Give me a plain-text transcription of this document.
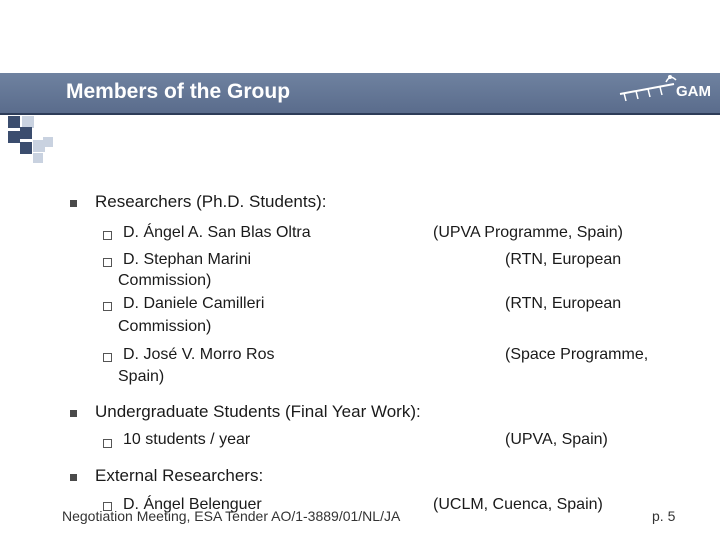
Members of the Group	GAM
Researchers (Ph.D. Students):
D. Ángel A. San Blas Oltra	(UPVA Programme, Spain)
D. Stephan Marini	(RTN, European
Commission)
D. Daniele Camilleri	(RTN, European
Commission)
D. José V. Morro Ros	(Space Programme,
Spain)
Undergraduate Students (Final Year Work):
10 students / year	(UPVA, Spain)
External Researchers:
D. Ángel Belenguer	(UCLM, Cuenca, Spain)
Negotiation Meeting, ESA Tender AO/1-3889/01/NL/JA	p. 5
